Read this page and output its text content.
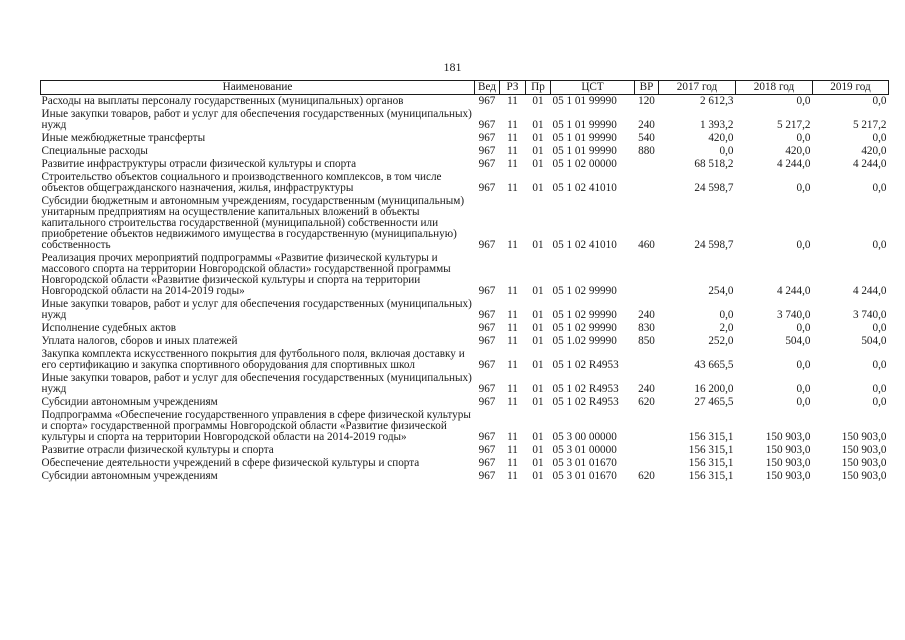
181
Наименование	Вед	РЗ	Пр	ЦСТ	ВР	2017 год	2018 год	2019 год
Расходы на выплаты персоналу государственных (муниципальных) органов	967	11	01	05 1 01 99990	120	2 612,3	0,0	0,0
Иные закупки товаров, работ и услуг для обеспечения государственных (муниципальных) нужд	967	11	01	05 1 01 99990	240	1 393,2	5 217,2	5 217,2
Иные межбюджетные трансферты	967	11	01	05 1 01 99990	540	420,0	0,0	0,0
Специальные расходы	967	11	01	05 1 01 99990	880	0,0	420,0	420,0
Развитие инфраструктуры отрасли физической культуры и спорта	967	11	01	05 1 02 00000		68 518,2	4 244,0	4 244,0
Строительство объектов социального и производственного комплексов, в том числе объектов общегражданского назначения, жилья, инфраструктуры	967	11	01	05 1 02 41010		24 598,7	0,0	0,0
Субсидии бюджетным и автономным учреждениям, государственным (муниципальным) унитарным предприятиям на осуществление капитальных вложений в объекты капитального строительства государственной (муниципальной) собственности или приобретение объектов недвижимого имущества в государственную (муниципальную) собственность	967	11	01	05 1 02 41010	460	24 598,7	0,0	0,0
Реализация прочих мероприятий подпрограммы «Развитие физической культуры и массового спорта на территории Новгородской области» государственной программы Новгородской области «Развитие физической культуры и спорта на территории Новгородской области на 2014-2019 годы»	967	11	01	05 1 02 99990		254,0	4 244,0	4 244,0
Иные закупки товаров, работ и услуг для обеспечения государственных (муниципальных) нужд	967	11	01	05 1 02 99990	240	0,0	3 740,0	3 740,0
Исполнение судебных актов	967	11	01	05 1 02 99990	830	2,0	0,0	0,0
Уплата налогов, сборов и иных платежей	967	11	01	05 1.02 99990	850	252,0	504,0	504,0
Закупка комплекта искусственного покрытия для футбольного поля, включая доставку и его сертификацию и закупка спортивного оборудования для спортивных школ	967	11	01	05 1 02 R4953		43 665,5	0,0	0,0
Иные закупки товаров, работ и услуг для обеспечения государственных (муниципальных) нужд	967	11	01	05 1 02 R4953	240	16 200,0	0,0	0,0
Субсидии автономным учреждениям	967	11	01	05 1 02 R4953	620	27 465,5	0,0	0,0
Подпрограмма «Обеспечение государственного управления в сфере физической культуры и спорта» государственной программы Новгородской области «Развитие физической культуры и спорта на территории Новгородской области на 2014-2019 годы»	967	11	01	05 3 00 00000		156 315,1	150 903,0	150 903,0
Развитие отрасли физической культуры и спорта	967	11	01	05 3 01 00000		156 315,1	150 903,0	150 903,0
Обеспечение деятельности учреждений в сфере физической культуры и спорта	967	11	01	05 3 01 01670		156 315,1	150 903,0	150 903,0
Субсидии автономным учреждениям	967	11	01	05 3 01 01670	620	156 315,1	150 903,0	150 903,0
